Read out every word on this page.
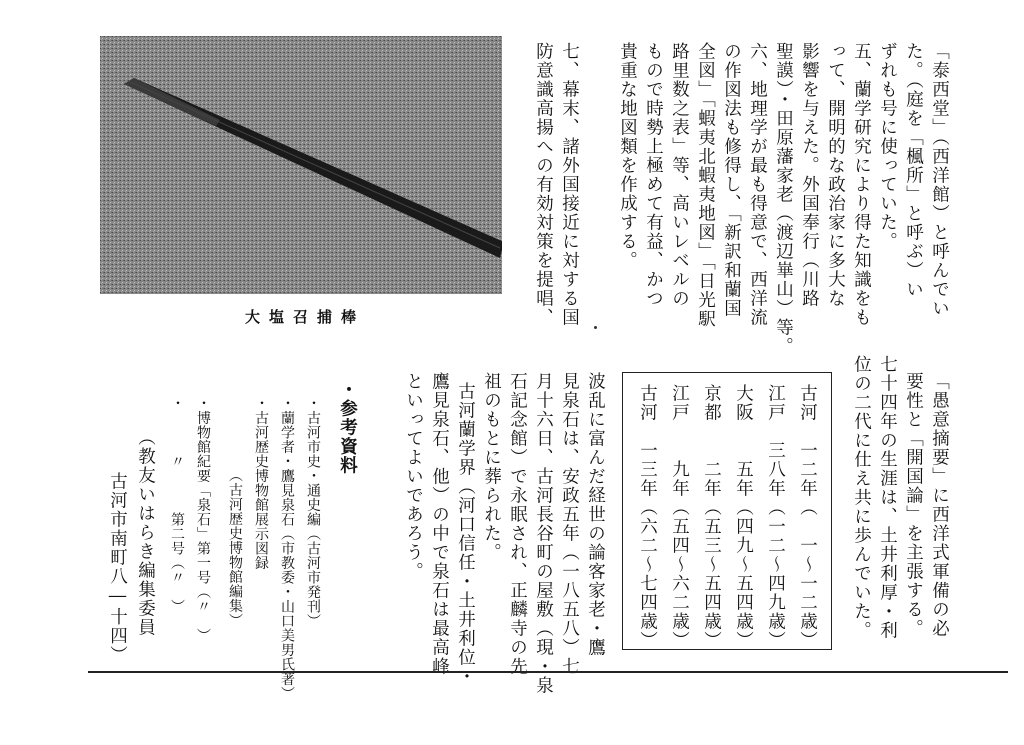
大塩召捕棒	「泰西堂」（西洋館）と呼んでい
た。（庭を「楓所」と呼ぶ）い
ずれも号に使っていた。
五、蘭学研究により得た知識をも
って、開明的な政治家に多大な
影響を与えた。外国奉行（川路
聖謨）・田原藩家老（渡辺崋山）等。
六、地理学が最も得意で、西洋流
の作図法も修得し、「新訳和蘭国
全図」「蝦夷北蝦夷地図」「日光駅
路里数之表」等、高いレベルの
もので時勢上極めて有益、かつ
貴重な地図類を作成する。
七、幕末、諸外国接近に対する国
防意識高揚への有効対策を提唱、
「愚意摘要」に西洋式軍備の必
要性と「開国論」を主張する。
七十四年の生涯は、土井利厚・利
位の二代に仕え共に歩んでいた。
古河　一二年（　一～一二歳）
江戸　三八年（一二～四九歳）
大阪　　五年（四九～五四歳）
京都　　二年（五三～五四歳）
江戸　　九年（五四～六二歳）
古河　一三年（六二～七四歳）
波乱に富んだ経世の論客家老・鷹
見泉石は、安政五年（一八五八）七
月十六日、古河長谷町の屋敷（現・泉
石記念館）で永眠され、正麟寺の先
祖のもとに葬られた。
古河蘭学界（河口信任・土井利位・
鷹見泉石、他）の中で泉石は最高峰
といってよいであろう。
・参考資料
・古河市史・通史編（古河市発刊）
・蘭学者・鷹見泉石（市教委・山口美男氏著）
・古河歴史博物館展示図録
（古河歴史博物館編集）
・博物館紀要「泉石」第一号（〃　）
・　　　〃　　　第二号（〃　）
（教友いはらき編集委員
古河市南町八―十四）
